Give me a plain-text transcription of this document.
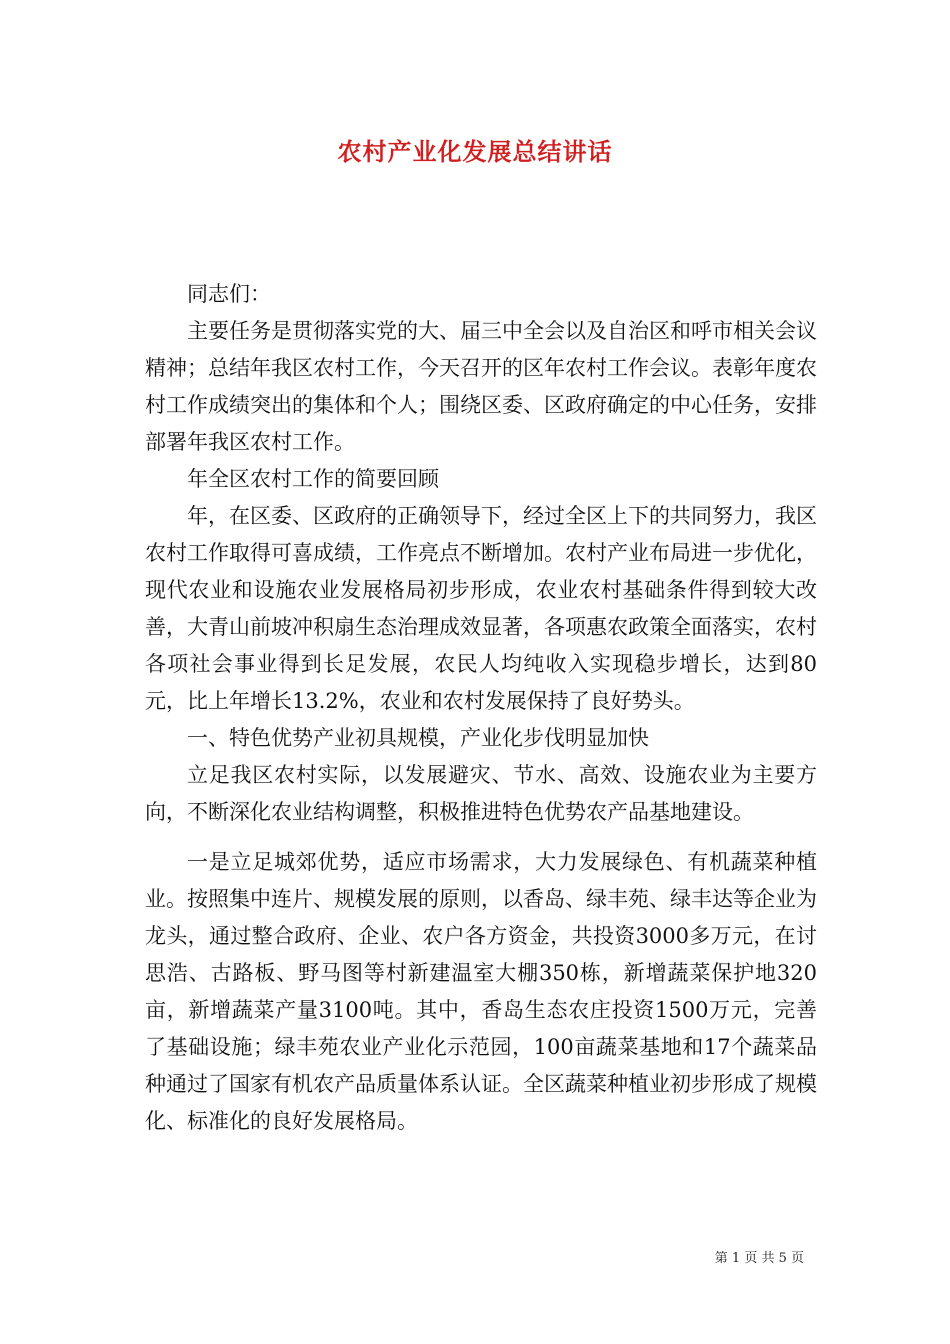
农村产业化发展总结讲话

同志们：

主要任务是贯彻落实党的大、届三中全会以及自治区和呼市相关会议精神；总结年我区农村工作，今天召开的区年农村工作会议。表彰年度农村工作成绩突出的集体和个人；围绕区委、区政府确定的中心任务，安排部署年我区农村工作。

年全区农村工作的简要回顾

年，在区委、区政府的正确领导下，经过全区上下的共同努力，我区农村工作取得可喜成绩，工作亮点不断增加。农村产业布局进一步优化，现代农业和设施农业发展格局初步形成，农业农村基础条件得到较大改善，大青山前坡冲积扇生态治理成效显著，各项惠农政策全面落实，农村各项社会事业得到长足发展，农民人均纯收入实现稳步增长，达到80元，比上年增长13.2%，农业和农村发展保持了良好势头。

一、特色优势产业初具规模，产业化步伐明显加快

立足我区农村实际，以发展避灾、节水、高效、设施农业为主要方向，不断深化农业结构调整，积极推进特色优势农产品基地建设。

一是立足城郊优势，适应市场需求，大力发展绿色、有机蔬菜种植业。按照集中连片、规模发展的原则，以香岛、绿丰苑、绿丰达等企业为龙头，通过整合政府、企业、农户各方资金，共投资3000多万元，在讨思浩、古路板、野马图等村新建温室大棚350栋，新增蔬菜保护地320亩，新增蔬菜产量3100吨。其中，香岛生态农庄投资1500万元，完善了基础设施；绿丰苑农业产业化示范园，100亩蔬菜基地和17个蔬菜品种通过了国家有机农产品质量体系认证。全区蔬菜种植业初步形成了规模化、标准化的良好发展格局。

第 1 页 共 5 页
